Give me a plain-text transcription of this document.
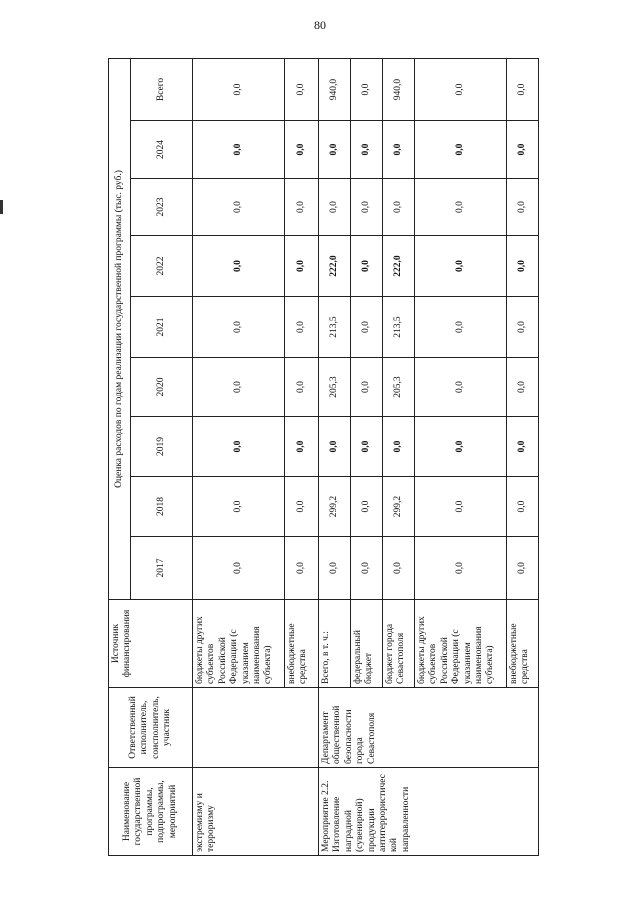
80
Наименование государственной программы, подпрограммы, мероприятий	Ответственный исполнитель, соисполнитель, участник	Источник финансирования	Оценка расходов по годам реализации государственной программы (тыс. руб.)								
			2017	2018	2019	2020	2021	2022	2023	2024	Всего
экстремизму и терроризму		бюджеты других субъектов Российской Федерации (с указанием наименования субъекта)	0,0	0,0	0,0	0,0	0,0	0,0	0,0	0,0	0,0
		внебюджетные средства	0,0	0,0	0,0	0,0	0,0	0,0	0,0	0,0	0,0
Мероприятие 2.2. Изготовление наградной (сувенирной) продукции антитеррористической направленности	Департамент общественной безопасности города Севастополя	Всего, в т. ч.:	0,0	299,2	0,0	205,3	213,5	222,0	0,0	0,0	940,0
		федеральный бюджет	0,0	0,0	0,0	0,0	0,0	0,0	0,0	0,0	0,0
		бюджет города Севастополя	0,0	299,2	0,0	205,3	213,5	222,0	0,0	0,0	940,0
		бюджеты других субъектов Российской Федерации (с указанием наименования субъекта)	0,0	0,0	0,0	0,0	0,0	0,0	0,0	0,0	0,0
		внебюджетные средства	0,0	0,0	0,0	0,0	0,0	0,0	0,0	0,0	0,0
